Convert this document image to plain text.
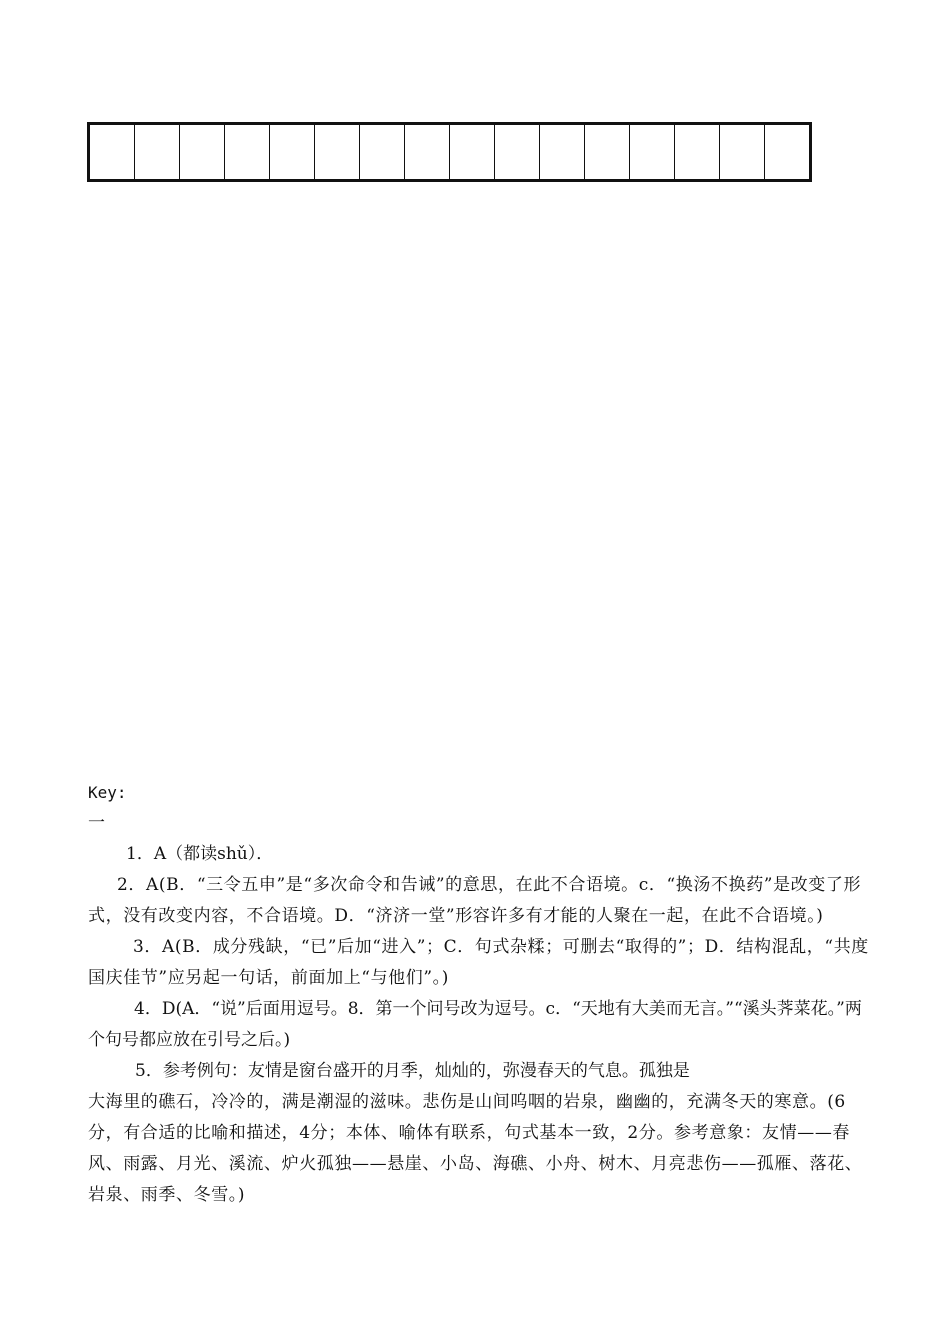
Key:
一

1．A（都读shǔ）．

2．A(B．“三令五申”是“多次命令和告诫”的意思，在此不合语境。c．“换汤不换药”是改变了形式，没有改变内容，不合语境。D．“济济一堂”形容许多有才能的人聚在一起，在此不合语境。)

3．A(B．成分残缺，“已”后加“进入”；C．句式杂糅；可删去“取得的”；D．结构混乱，“共度国庆佳节”应另起一句话，前面加上“与他们”。)

4．D(A．“说”后面用逗号。8．第一个问号改为逗号。c．“天地有大美而无言。”“溪头荠菜花。”两个句号都应放在引号之后。)

5．参考例句：友情是窗台盛开的月季，灿灿的，弥漫春天的气息。孤独是

大海里的礁石，冷冷的，满是潮湿的滋味。悲伤是山间呜咽的岩泉，幽幽的，充满冬天的寒意。(6分，有合适的比喻和描述，4分；本体、喻体有联系，句式基本一致，2分。参考意象：友情——春风、雨露、月光、溪流、炉火孤独——悬崖、小岛、海礁、小舟、树木、月亮悲伤——孤雁、落花、岩泉、雨季、冬雪。)
